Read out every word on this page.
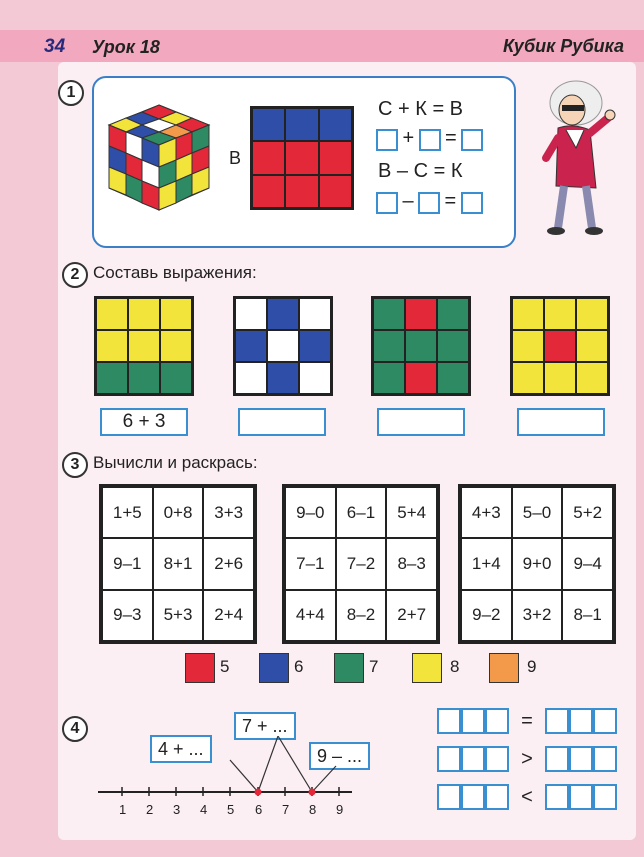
34 Урок 18	Кубик Рубика
1
В
С + К = В
+ =
В – С = К
– =
2 Составь выражения:
6 + 3
3 Вычисли и раскрась:
1+5	0+8	3+3
9–1	8+1	2+6
9–3	5+3	2+4
9–0	6–1	5+4
7–1	7–2	8–3
4+4	8–2	2+7
4+3	5–0	5+2
1+4	9+0	9–4
9–2	3+2	8–1
5	6	7	8	9
4
4 + ...
7 + ...
9 – ...
1 2 3 4 5 6 7 8 9
=
>
<
